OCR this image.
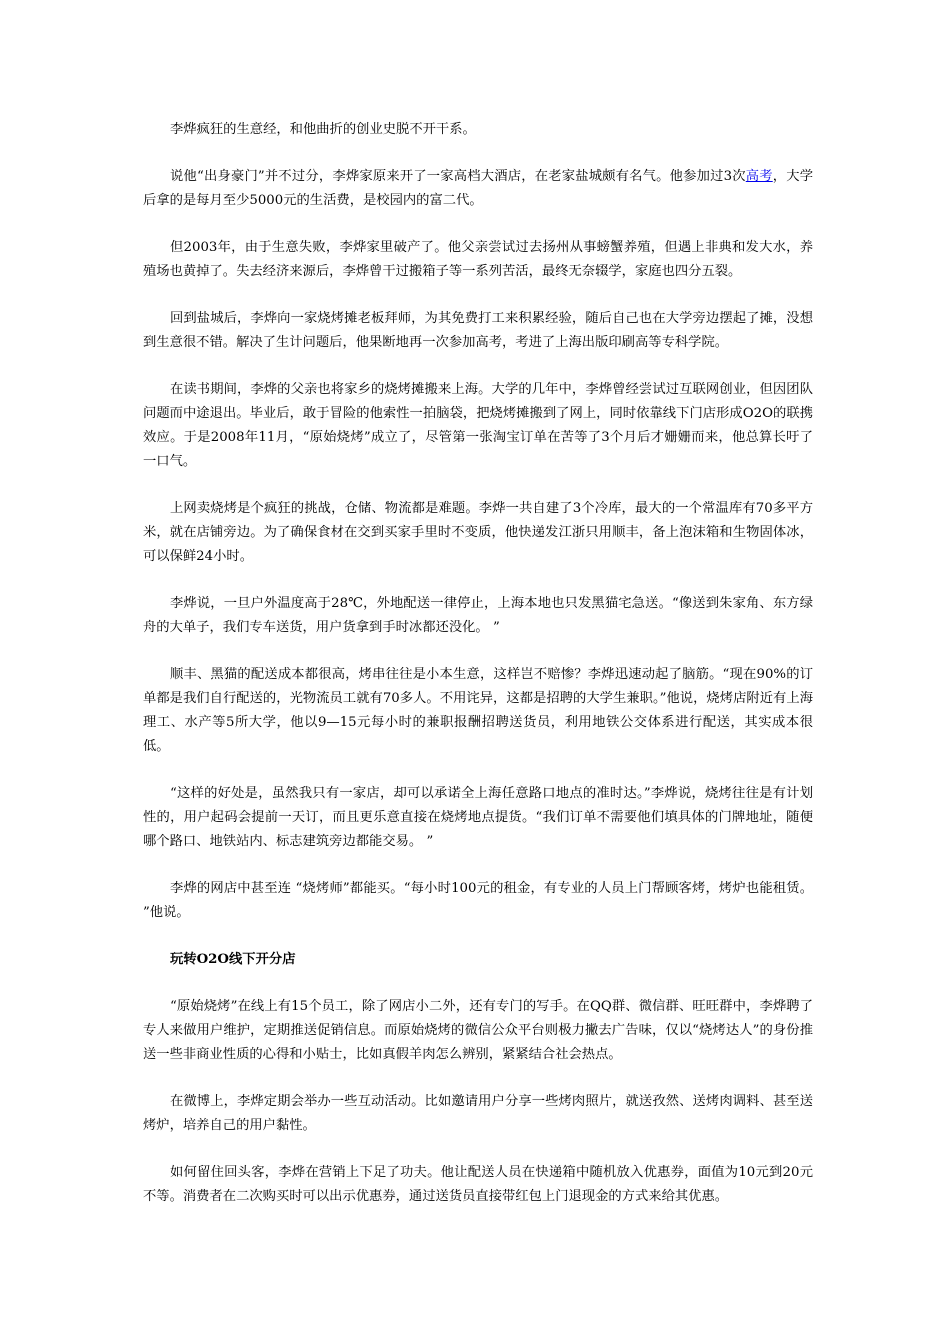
李烨疯狂的生意经，和他曲折的创业史脱不开干系。

说他“出身豪门”并不过分，李烨家原来开了一家高档大酒店，在老家盐城颇有名气。他参加过3次高考，大学后拿的是每月至少5000元的生活费，是校园内的富二代。

但2003年，由于生意失败，李烨家里破产了。他父亲尝试过去扬州从事螃蟹养殖，但遇上非典和发大水，养殖场也黄掉了。失去经济来源后，李烨曾干过搬箱子等一系列苦活，最终无奈辍学，家庭也四分五裂。

回到盐城后，李烨向一家烧烤摊老板拜师，为其免费打工来积累经验，随后自己也在大学旁边摆起了摊，没想到生意很不错。解决了生计问题后，他果断地再一次参加高考，考进了上海出版印刷高等专科学院。

在读书期间，李烨的父亲也将家乡的烧烤摊搬来上海。大学的几年中，李烨曾经尝试过互联网创业，但因团队问题而中途退出。毕业后，敢于冒险的他索性一拍脑袋，把烧烤摊搬到了网上，同时依靠线下门店形成O2O的联携效应。于是2008年11月，“原始烧烤”成立了，尽管第一张淘宝订单在苦等了3个月后才姗姗而来，他总算长吁了一口气。

上网卖烧烤是个疯狂的挑战，仓储、物流都是难题。李烨一共自建了3个冷库，最大的一个常温库有70多平方米，就在店铺旁边。为了确保食材在交到买家手里时不变质，他快递发江浙只用顺丰，备上泡沫箱和生物固体冰，可以保鲜24小时。

李烨说，一旦户外温度高于28℃，外地配送一律停止，上海本地也只发黑猫宅急送。“像送到朱家角、东方绿舟的大单子，我们专车送货，用户货拿到手时冰都还没化。 ”

顺丰、黑猫的配送成本都很高，烤串往往是小本生意，这样岂不赔惨？李烨迅速动起了脑筋。“现在90%的订单都是我们自行配送的，光物流员工就有70多人。不用诧异，这都是招聘的大学生兼职。”他说，烧烤店附近有上海理工、水产等5所大学，他以9—15元每小时的兼职报酬招聘送货员，利用地铁公交体系进行配送，其实成本很低。

“这样的好处是，虽然我只有一家店，却可以承诺全上海任意路口地点的准时达。”李烨说，烧烤往往是有计划性的，用户起码会提前一天订，而且更乐意直接在烧烤地点提货。“我们订单不需要他们填具体的门牌地址，随便哪个路口、地铁站内、标志建筑旁边都能交易。 ”

李烨的网店中甚至连 “烧烤师”都能买。“每小时100元的租金，有专业的人员上门帮顾客烤，烤炉也能租赁。 ”他说。

玩转O2O线下开分店

“原始烧烤”在线上有15个员工，除了网店小二外，还有专门的写手。在QQ群、微信群、旺旺群中，李烨聘了专人来做用户维护，定期推送促销信息。而原始烧烤的微信公众平台则极力撇去广告味，仅以“烧烤达人”的身份推送一些非商业性质的心得和小贴士，比如真假羊肉怎么辨别，紧紧结合社会热点。

在微博上，李烨定期会举办一些互动活动。比如邀请用户分享一些烤肉照片，就送孜然、送烤肉调料、甚至送烤炉，培养自己的用户黏性。

如何留住回头客，李烨在营销上下足了功夫。他让配送人员在快递箱中随机放入优惠券，面值为10元到20元不等。消费者在二次购买时可以出示优惠券，通过送货员直接带红包上门退现金的方式来给其优惠。
